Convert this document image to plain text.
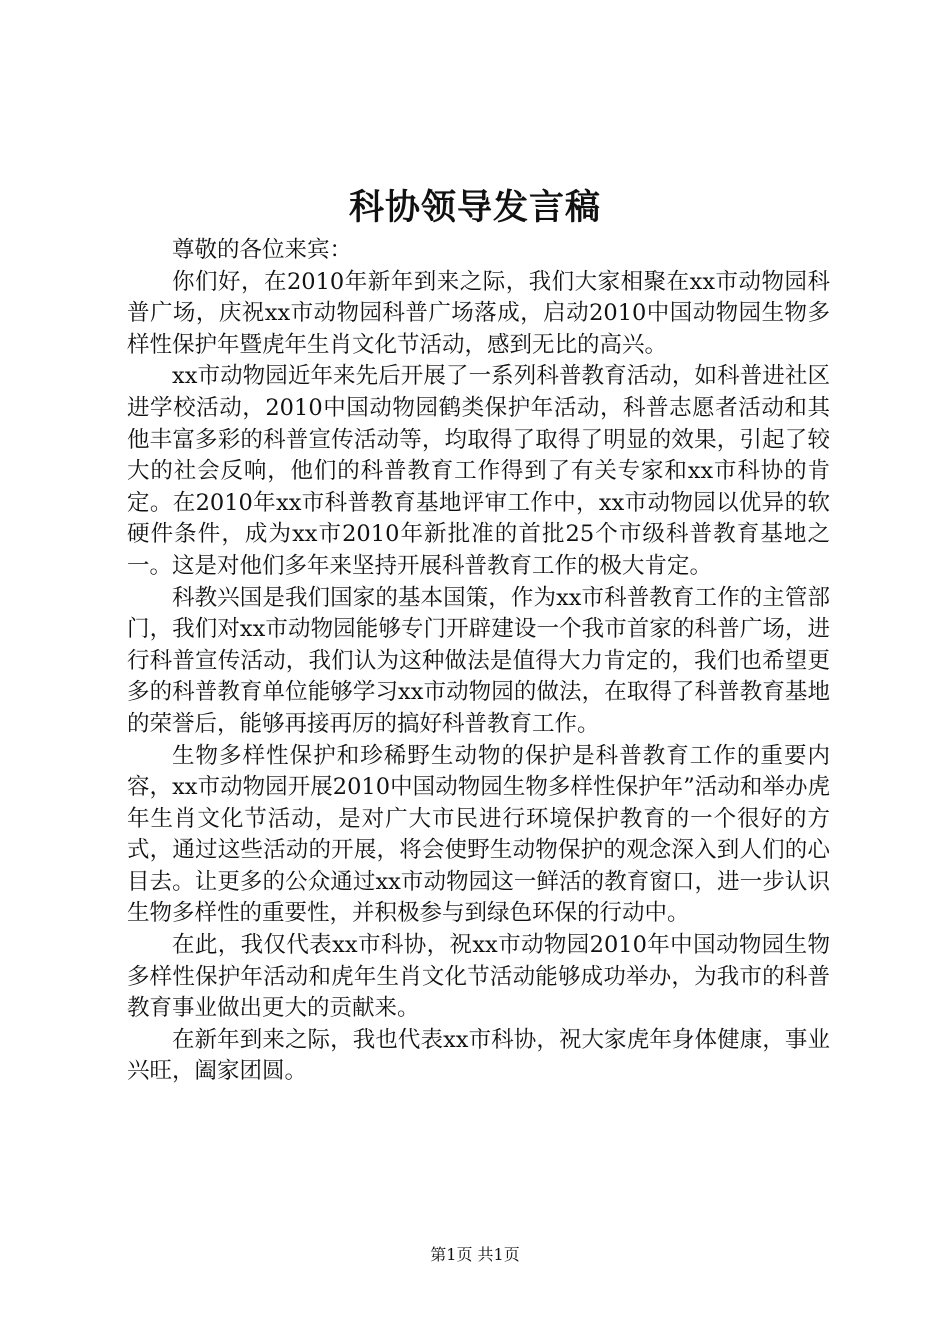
科协领导发言稿

尊敬的各位来宾：

你们好，在2010年新年到来之际，我们大家相聚在xx市动物园科普广场，庆祝xx市动物园科普广场落成，启动2010中国动物园生物多样性保护年暨虎年生肖文化节活动，感到无比的高兴。

xx市动物园近年来先后开展了一系列科普教育活动，如科普进社区进学校活动，2010中国动物园鹤类保护年活动，科普志愿者活动和其他丰富多彩的科普宣传活动等，均取得了取得了明显的效果，引起了较大的社会反响，他们的科普教育工作得到了有关专家和xx市科协的肯定。在2010年xx市科普教育基地评审工作中，xx市动物园以优异的软硬件条件，成为xx市2010年新批准的首批25个市级科普教育基地之一。这是对他们多年来坚持开展科普教育工作的极大肯定。

科教兴国是我们国家的基本国策，作为xx市科普教育工作的主管部门，我们对xx市动物园能够专门开辟建设一个我市首家的科普广场，进行科普宣传活动，我们认为这种做法是值得大力肯定的，我们也希望更多的科普教育单位能够学习xx市动物园的做法，在取得了科普教育基地的荣誉后，能够再接再厉的搞好科普教育工作。

生物多样性保护和珍稀野生动物的保护是科普教育工作的重要内容，xx市动物园开展2010中国动物园生物多样性保护年”活动和举办虎年生肖文化节活动，是对广大市民进行环境保护教育的一个很好的方式，通过这些活动的开展，将会使野生动物保护的观念深入到人们的心目去。让更多的公众通过xx市动物园这一鲜活的教育窗口，进一步认识生物多样性的重要性，并积极参与到绿色环保的行动中。

在此，我仅代表xx市科协，祝xx市动物园2010年中国动物园生物多样性保护年活动和虎年生肖文化节活动能够成功举办，为我市的科普教育事业做出更大的贡献来。

在新年到来之际，我也代表xx市科协，祝大家虎年身体健康，事业兴旺，阖家团圆。

第1页 共1页
